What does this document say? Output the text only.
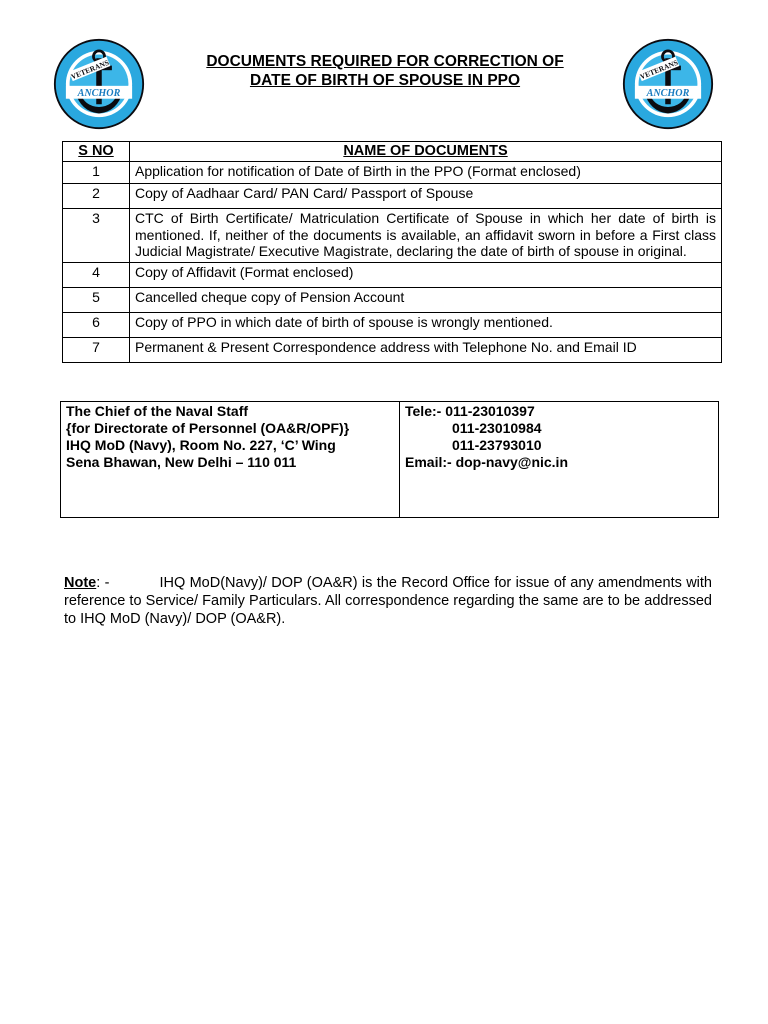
VETERANS
ANCHOR
VETERANS
ANCHOR
DOCUMENTS REQUIRED FOR CORRECTION OF
DATE OF BIRTH OF SPOUSE IN PPO
S NO	NAME OF DOCUMENTS
1	Application for notification of Date of Birth in the PPO (Format enclosed)
2	Copy of Aadhaar Card/ PAN Card/ Passport of Spouse
3	CTC of Birth Certificate/ Matriculation Certificate of Spouse in which her date of birth is mentioned. If, neither of the documents is available, an affidavit sworn in before a First class Judicial Magistrate/ Executive Magistrate, declaring the date of birth of spouse in original.
4	Copy of Affidavit (Format enclosed)
5	Cancelled cheque copy of Pension Account
6	Copy of PPO in which date of birth of spouse is wrongly mentioned.
7	Permanent & Present Correspondence address with Telephone No. and Email ID
The Chief of the Naval Staff
{for Directorate of Personnel (OA&R/OPF)}
IHQ MoD (Navy), Room No. 227, ‘C’ Wing
Sena Bhawan, New Delhi – 110 011
Tele:- 011-23010397
011-23010984
011-23793010
Email:- dop-navy@nic.in
Note: -	IHQ MoD(Navy)/ DOP (OA&R) is the Record Office for issue of any amendments with reference to Service/ Family Particulars. All correspondence regarding the same are to be addressed to IHQ MoD (Navy)/ DOP (OA&R).
